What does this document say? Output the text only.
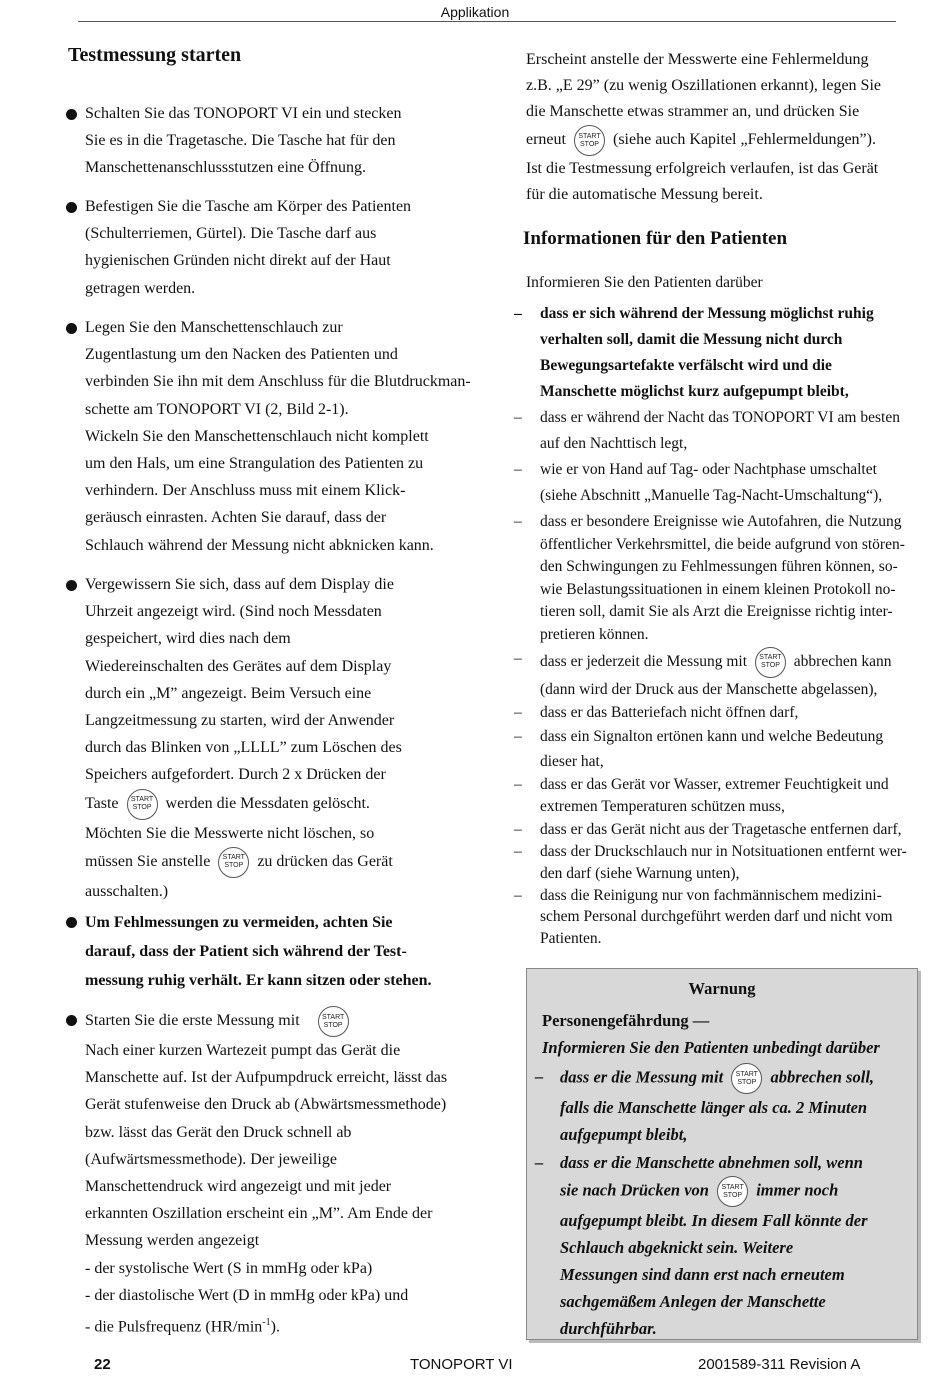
Applikation
Testmessung starten

Schalten Sie das TONOPORT VI ein und stecken

Sie es in die Tragetasche. Die Tasche hat für den

Manschettenanschlussstutzen eine Öffnung.

Befestigen Sie die Tasche am Körper des Patienten

(Schulterriemen, Gürtel). Die Tasche darf aus

hygienischen Gründen nicht direkt auf der Haut

getragen werden.

Legen Sie den Manschettenschlauch zur

Zugentlastung um den Nacken des Patienten und

verbinden Sie ihn mit dem Anschluss für die Blutdruckman-

schette am TONOPORT VI (2, Bild 2-1).

Wickeln Sie den Manschettenschlauch nicht komplett

um den Hals, um eine Strangulation des Patienten zu

verhindern. Der Anschluss muss mit einem Klick-

geräusch einrasten. Achten Sie darauf, dass der

Schlauch während der Messung nicht abknicken kann.

Vergewissern Sie sich, dass auf dem Display die

Uhrzeit angezeigt wird. (Sind noch Messdaten

gespeichert, wird dies nach dem

Wiedereinschalten des Gerätes auf dem Display

durch ein „M” angezeigt. Beim Versuch eine

Langzeitmessung zu starten, wird der Anwender

durch das Blinken von „LLLL” zum Löschen des

Speichers aufgefordert. Durch 2 x Drücken der

Taste START
STOP werden die Messdaten gelöscht.

Möchten Sie die Messwerte nicht löschen, so

müssen Sie anstelle START
STOP zu drücken das Gerät

ausschalten.)

Um Fehlmessungen zu vermeiden, achten Sie

darauf, dass der Patient sich während der Test-

messung ruhig verhält. Er kann sitzen oder stehen.

Starten Sie die erste Messung mit	START
STOP

Nach einer kurzen Wartezeit pumpt das Gerät die

Manschette auf. Ist der Aufpumpdruck erreicht, lässt das

Gerät stufenweise den Druck ab (Abwärtsmessmethode)

bzw. lässt das Gerät den Druck schnell ab

(Aufwärtsmessmethode). Der jeweilige

Manschettendruck wird angezeigt und mit jeder

erkannten Oszillation erscheint ein „M”. Am Ende der

Messung werden angezeigt

- der systolische Wert (S in mmHg oder kPa)

- der diastolische Wert (D in mmHg oder kPa) und

- die Pulsfrequenz $(HR/\min^{-1})$.

Erscheint anstelle der Messwerte eine Fehlermeldung

z.B. „E 29” (zu wenig Oszillationen erkannt), legen Sie

die Manschette etwas strammer an, und drücken Sie

erneut START
STOP (siehe auch Kapitel „Fehlermeldungen”).

Ist die Testmessung erfolgreich verlaufen, ist das Gerät

für die automatische Messung bereit.

Informationen für den Patienten
Informieren Sie den Patienten darüber
– dass er sich während der Messung möglichst ruhig
verhalten soll, damit die Messung nicht durch
Bewegungsartefakte verfälscht wird und die
Manschette möglichst kurz aufgepumpt bleibt,
– dass er während der Nacht das TONOPORT VI am besten
auf den Nachttisch legt,
– wie er von Hand auf Tag- oder Nachtphase umschaltet
(siehe Abschnitt „Manuelle Tag-Nacht-Umschaltung“),
– dass er besondere Ereignisse wie Autofahren, die Nutzung
öffentlicher Verkehrsmittel, die beide aufgrund von stören-
den Schwingungen zu Fehlmessungen führen können, so-
wie Belastungssituationen in einem kleinen Protokoll no-
tieren soll, damit Sie als Arzt die Ereignisse richtig inter-
pretieren können.
– dass er jederzeit die Messung mit START
STOP abbrechen kann
(dann wird der Druck aus der Manschette abgelassen),
– dass er das Batteriefach nicht öffnen darf,
– dass ein Signalton ertönen kann und welche Bedeutung
dieser hat,
– dass er das Gerät vor Wasser, extremer Feuchtigkeit und
extremen Temperaturen schützen muss,
– dass er das Gerät nicht aus der Tragetasche entfernen darf,
– dass der Druckschlauch nur in Notsituationen entfernt wer-
den darf (siehe Warnung unten),
– dass die Reinigung nur von fachmännischem medizini-
schem Personal durchgeführt werden darf und nicht vom
Patienten.
Warnung
Personengefährdung —
Informieren Sie den Patienten unbedingt darüber
– dass er die Messung mit START
STOP abbrechen soll,
falls die Manschette länger als ca. 2 Minuten
aufgepumpt bleibt,
– dass er die Manschette abnehmen soll, wenn
sie nach Drücken von START
STOP immer noch
aufgepumpt bleibt. In diesem Fall könnte der
Schlauch abgeknickt sein. Weitere
Messungen sind dann erst nach erneutem
sachgemäßem Anlegen der Manschette
durchführbar.
22	TONOPORT VI	2001589-311 Revision A
